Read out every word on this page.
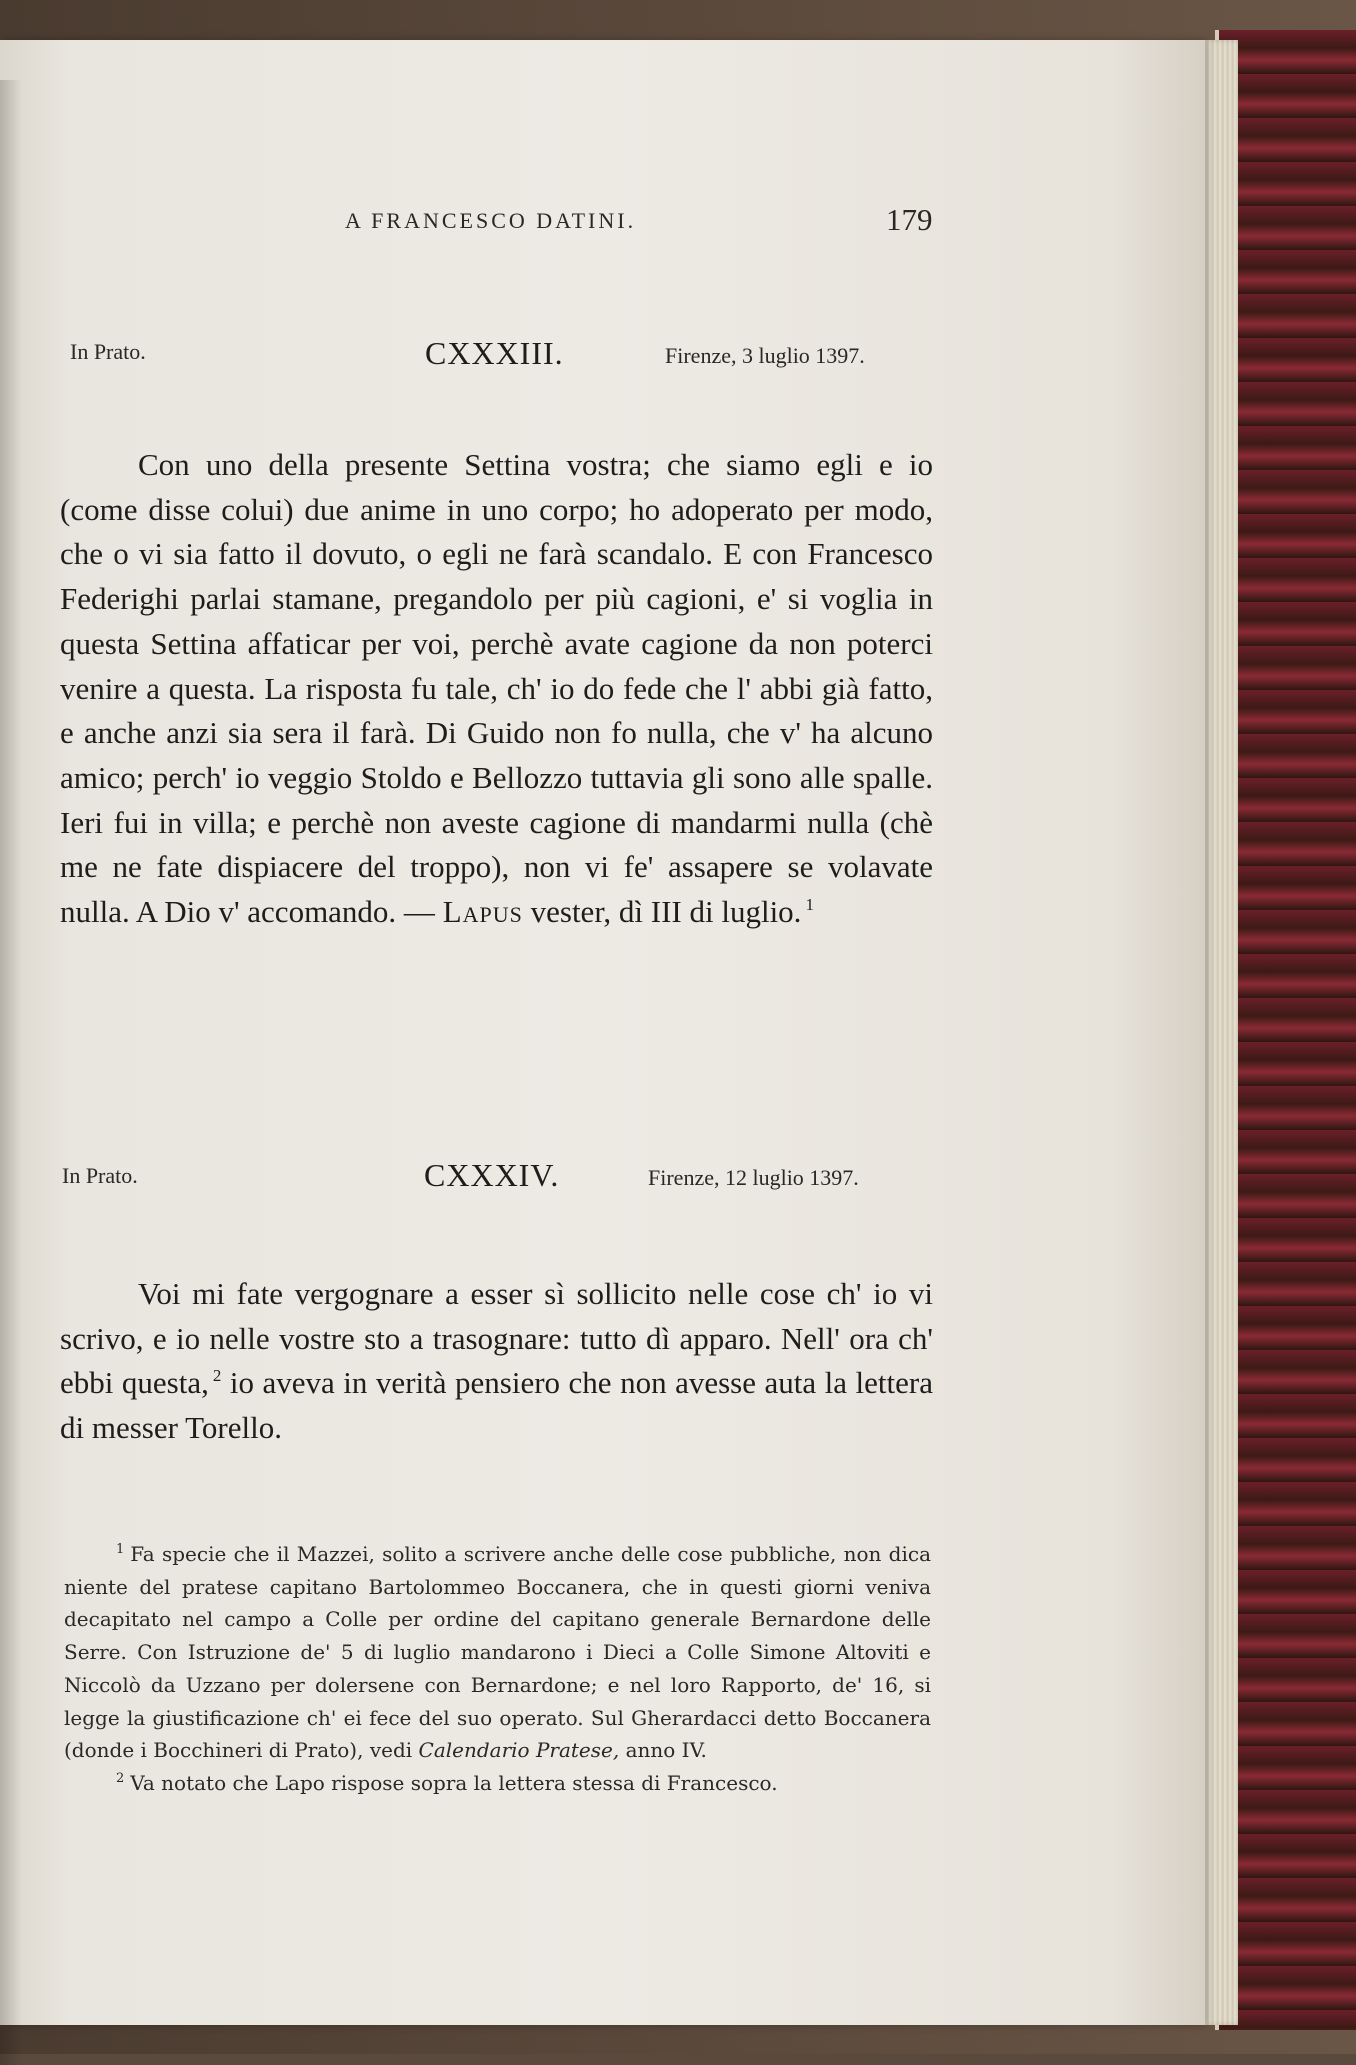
A FRANCESCO DATINI.	179
In Prato.	CXXXIII.	Firenze, 3 luglio 1397.
Con uno della presente Settina vostra; che siamo egli e io (come disse colui) due anime in uno corpo; ho adoperato per modo, che o vi sia fatto il dovuto, o egli ne farà scandalo. E con Francesco Federighi parlai stamane, pregandolo per più cagioni, e' si voglia in questa Settina affaticar per voi, perchè avate cagione da non poterci venire a questa. La risposta fu tale, ch' io do fede che l' abbi già fatto, e anche anzi sia sera il farà. Di Guido non fo nulla, che v' ha alcuno amico; perch' io veggio Stoldo e Bellozzo tuttavia gli sono alle spalle. Ieri fui in villa; e perchè non aveste cagione di mandarmi nulla (chè me ne fate dispiacere del troppo), non vi fe' assapere se volavate nulla. A Dio v' accomando. — Lapus vester, dì III di luglio. $^1$
In Prato.	CXXXIV.	Firenze, 12 luglio 1397.
Voi mi fate vergognare a esser sì sollicito nelle cose ch' io vi scrivo, e io nelle vostre sto a trasognare: tutto dì apparo. Nell' ora ch' ebbi questa, $^2$ io aveva in verità pensiero che non avesse auta la lettera di messer Torello.

$^1$ Fa specie che il Mazzei, solito a scrivere anche delle cose pubbliche, non dica niente del pratese capitano Bartolommeo Boccanera, che in questi giorni veniva decapitato nel campo a Colle per ordine del capitano generale Bernardone delle Serre. Con Istruzione de' 5 di luglio mandarono i Dieci a Colle Simone Altoviti e Niccolò da Uzzano per dolersene con Bernardone; e nel loro Rapporto, de' 16, si legge la giustificazione ch' ei fece del suo operato. Sul Gherardacci detto Boccanera (donde i Bocchineri di Prato), vedi Calendario Pratese, anno IV.

$^2$ Va notato che Lapo rispose sopra la lettera stessa di Francesco.
